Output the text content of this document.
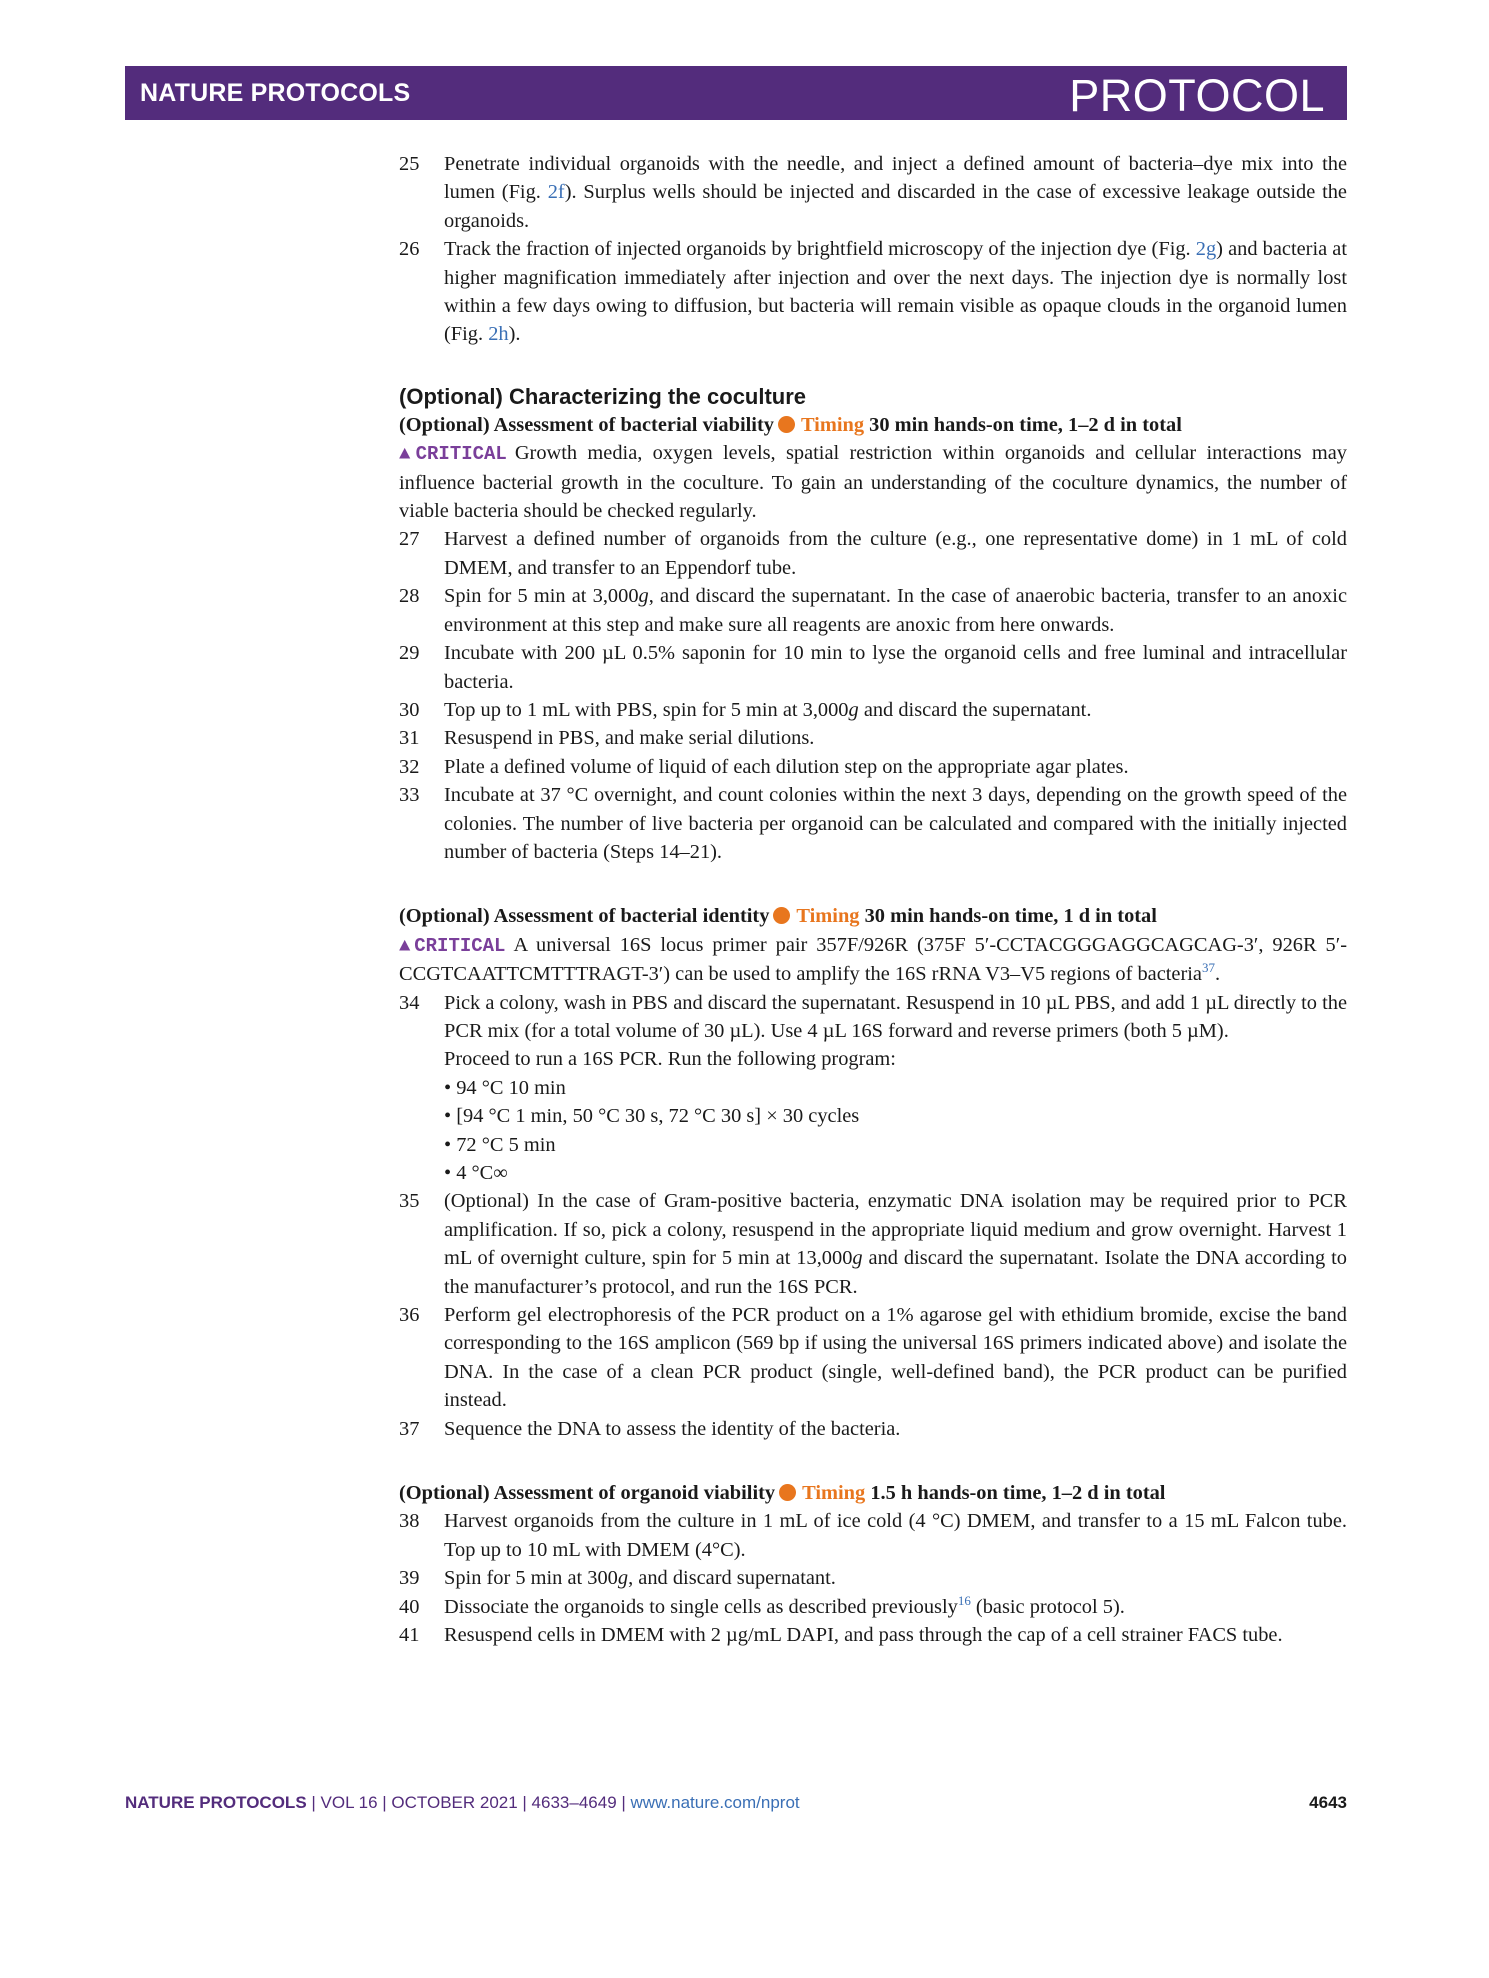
NATURE PROTOCOLS	PROTOCOL
25	Penetrate individual organoids with the needle, and inject a defined amount of bacteria–dye mix into the lumen (Fig. 2f). Surplus wells should be injected and discarded in the case of excessive leakage outside the organoids.
26	Track the fraction of injected organoids by brightfield microscopy of the injection dye (Fig. 2g) and bacteria at higher magnification immediately after injection and over the next days. The injection dye is normally lost within a few days owing to diffusion, but bacteria will remain visible as opaque clouds in the organoid lumen (Fig. 2h).
(Optional) Characterizing the coculture
(Optional) Assessment of bacterial viability Timing 30 min hands-on time, 1–2 d in total
▲CRITICAL Growth media, oxygen levels, spatial restriction within organoids and cellular interactions may influence bacterial growth in the coculture. To gain an understanding of the coculture dynamics, the number of viable bacteria should be checked regularly.
27	Harvest a defined number of organoids from the culture (e.g., one representative dome) in 1 mL of cold DMEM, and transfer to an Eppendorf tube.
28	Spin for 5 min at 3,000g, and discard the supernatant. In the case of anaerobic bacteria, transfer to an anoxic environment at this step and make sure all reagents are anoxic from here onwards.
29	Incubate with 200 µL 0.5% saponin for 10 min to lyse the organoid cells and free luminal and intracellular bacteria.
30	Top up to 1 mL with PBS, spin for 5 min at 3,000g and discard the supernatant.
31	Resuspend in PBS, and make serial dilutions.
32	Plate a defined volume of liquid of each dilution step on the appropriate agar plates.
33	Incubate at 37 °C overnight, and count colonies within the next 3 days, depending on the growth speed of the colonies. The number of live bacteria per organoid can be calculated and compared with the initially injected number of bacteria (Steps 14–21).
(Optional) Assessment of bacterial identity Timing 30 min hands-on time, 1 d in total
▲CRITICAL A universal 16S locus primer pair 357F/926R (375F 5′-CCTACGGGAGGCAGCAG-3′, 926R 5′-CCGTCAATTCMTTTRAGT-3′) can be used to amplify the 16S rRNA V3–V5 regions of bacteria$^{37}$.
34	Pick a colony, wash in PBS and discard the supernatant. Resuspend in 10 µL PBS, and add 1 µL directly to the PCR mix (for a total volume of 30 µL). Use 4 µL 16S forward and reverse primers (both 5 µM).

Proceed to run a 16S PCR. Run the following program:

• 94 °C 10 min

• [94 °C 1 min, 50 °C 30 s, 72 °C 30 s] × 30 cycles

• 72 °C 5 min

• 4 °C∞

35	(Optional) In the case of Gram-positive bacteria, enzymatic DNA isolation may be required prior to PCR amplification. If so, pick a colony, resuspend in the appropriate liquid medium and grow overnight. Harvest 1 mL of overnight culture, spin for 5 min at 13,000g and discard the supernatant. Isolate the DNA according to the manufacturer’s protocol, and run the 16S PCR.
36	Perform gel electrophoresis of the PCR product on a 1% agarose gel with ethidium bromide, excise the band corresponding to the 16S amplicon (569 bp if using the universal 16S primers indicated above) and isolate the DNA. In the case of a clean PCR product (single, well-defined band), the PCR product can be purified instead.
37	Sequence the DNA to assess the identity of the bacteria.
(Optional) Assessment of organoid viability Timing 1.5 h hands-on time, 1–2 d in total
38	Harvest organoids from the culture in 1 mL of ice cold (4 °C) DMEM, and transfer to a 15 mL Falcon tube. Top up to 10 mL with DMEM (4°C).
39	Spin for 5 min at 300g, and discard supernatant.
40	Dissociate the organoids to single cells as described previously$^{16}$ (basic protocol 5).
41	Resuspend cells in DMEM with 2 µg/mL DAPI, and pass through the cap of a cell strainer FACS tube.
NATURE PROTOCOLS | VOL 16 | OCTOBER 2021 | 4633–4649 | www.nature.com/nprot	4643
